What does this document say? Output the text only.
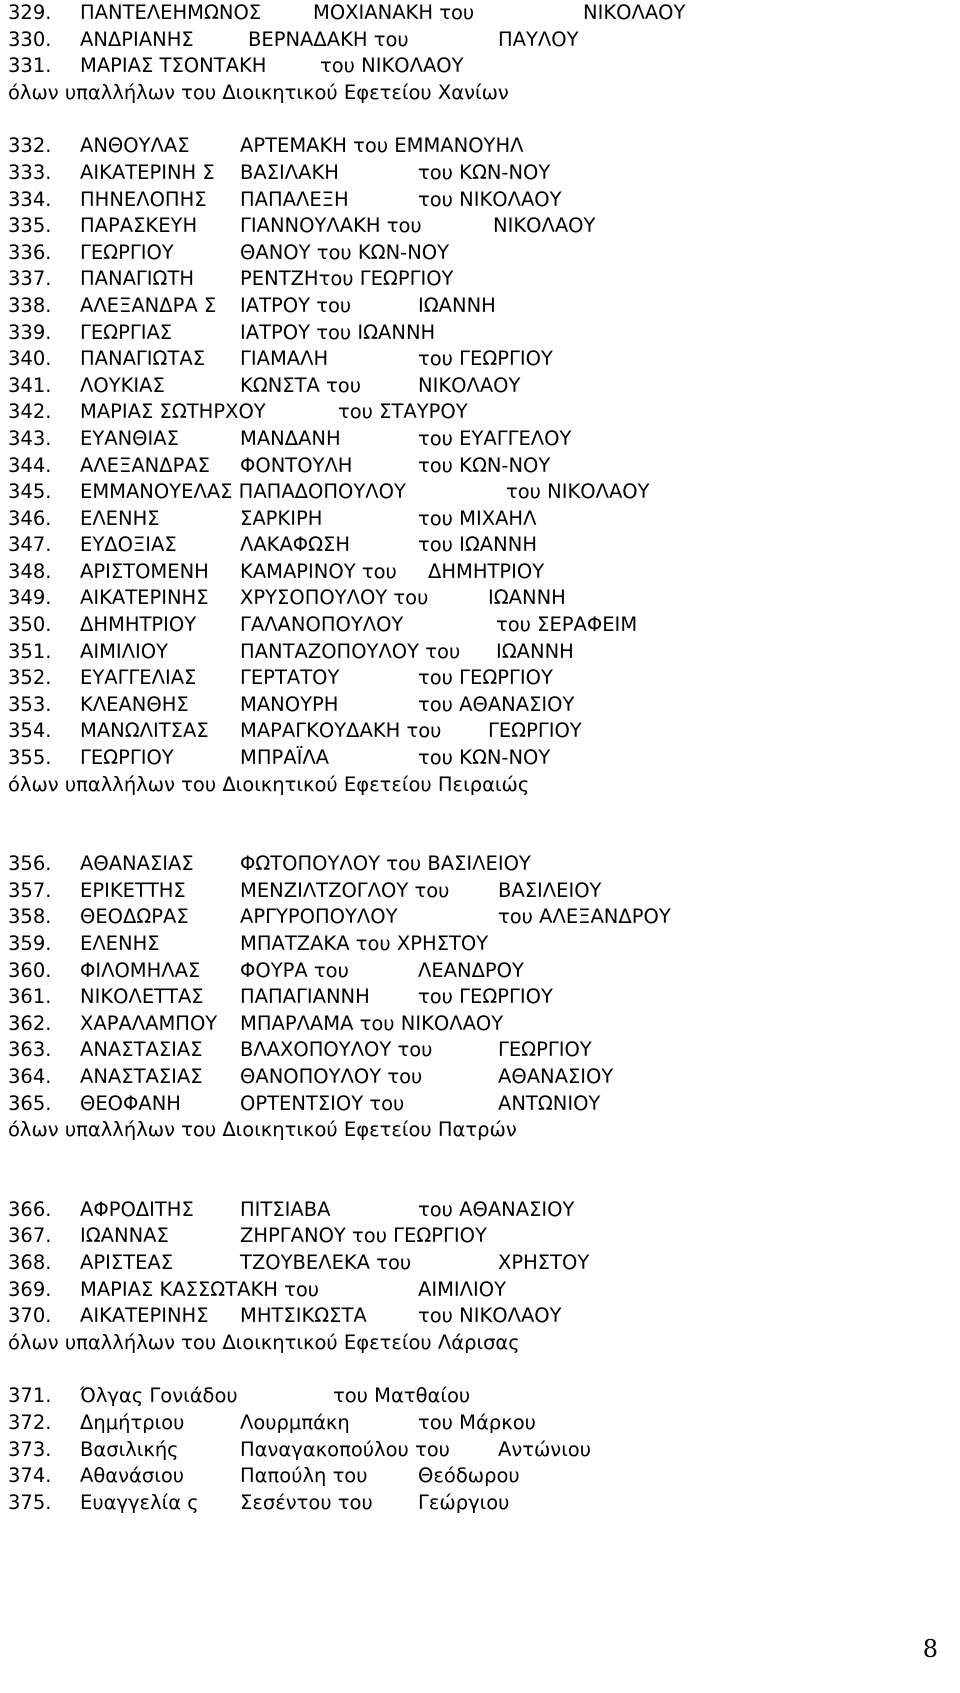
329. ΠΑΝΤΕΛΕΗΜΩΝΟΣ	ΜΟΧΙΑΝΑΚΗ του	ΝΙΚΟΛΑΟΥ
330. ΑΝΔΡΙΑΝΗΣ	ΒΕΡΝΑΔΑΚΗ του	ΠΑΥΛΟΥ
331. ΜΑΡΙΑΣ ΤΣΟΝΤΑΚΗ	του ΝΙΚΟΛΑΟΥ
όλων υπαλλήλων του Διοικητικού Εφετείου Χανίων
332. ΑΝΘΟΥΛΑΣ	ΑΡΤΕΜΑΚΗ του ΕΜΜΑΝΟΥΗΛ
333. ΑΙΚΑΤΕΡΙΝΗ Σ ΒΑΣΙΛΑΚΗ	του ΚΩΝ-ΝΟΥ
334. ΠΗΝΕΛΟΠΗΣ ΠΑΠΑΛΕΞΗ	του ΝΙΚΟΛΑΟΥ
335. ΠΑΡΑΣΚΕΥΗ ΓΙΑΝΝΟΥΛΑΚΗ του	ΝΙΚΟΛΑΟΥ
336. ΓΕΩΡΓΙΟΥ	ΘΑΝΟΥ του ΚΩΝ-ΝΟΥ
337. ΠΑΝΑΓΙΩΤΗ ΡΕΝΤΖΗτου ΓΕΩΡΓΙΟΥ
338. ΑΛΕΞΑΝΔΡΑ Σ ΙΑΤΡΟΥ του	ΙΩΑΝΝΗ
339. ΓΕΩΡΓΙΑΣ	ΙΑΤΡΟΥ του ΙΩΑΝΝΗ
340. ΠΑΝΑΓΙΩΤΑΣ ΓΙΑΜΑΛΗ	του ΓΕΩΡΓΙΟΥ
341. ΛΟΥΚΙΑΣ	ΚΩΝΣΤΑ του	ΝΙΚΟΛΑΟΥ
342. ΜΑΡΙΑΣ ΣΩΤΗΡΧΟΥ	του ΣΤΑΥΡΟΥ
343. ΕΥΑΝΘΙΑΣ	ΜΑΝΔΑΝΗ	του ΕΥΑΓΓΕΛΟΥ
344. ΑΛΕΞΑΝΔΡΑΣ ΦΟΝΤΟΥΛΗ	του ΚΩΝ-ΝΟΥ
345. ΕΜΜΑΝΟΥΕΛΑΣ ΠΑΠΑΔΟΠΟΥΛΟΥ	του ΝΙΚΟΛΑΟΥ
346. ΕΛΕΝΗΣ	ΣΑΡΚΙΡΗ	του ΜΙΧΑΗΛ
347. ΕΥΔΟΞΙΑΣ	ΛΑΚΑΦΩΣΗ	του ΙΩΑΝΝΗ
348. ΑΡΙΣΤΟΜΕΝΗ ΚΑΜΑΡΙΝΟΥ του ΔΗΜΗΤΡΙΟΥ
349. ΑΙΚΑΤΕΡΙΝΗΣ ΧΡΥΣΟΠΟΥΛΟΥ του	ΙΩΑΝΝΗ
350. ΔΗΜΗΤΡΙΟΥ ΓΑΛΑΝΟΠΟΥΛΟΥ	του ΣΕΡΑΦΕΙΜ
351. ΑΙΜΙΛΙΟΥ	ΠΑΝΤΑΖΟΠΟΥΛΟΥ του ΙΩΑΝΝΗ
352. ΕΥΑΓΓΕΛΙΑΣ ΓΕΡΤΑΤΟΥ	του ΓΕΩΡΓΙΟΥ
353. ΚΛΕΑΝΘΗΣ	ΜΑΝΟΥΡΗ	του ΑΘΑΝΑΣΙΟΥ
354. ΜΑΝΩΛΙΤΣΑΣ ΜΑΡΑΓΚΟΥΔΑΚΗ του ΓΕΩΡΓΙΟΥ
355. ΓΕΩΡΓΙΟΥ	ΜΠΡΑΪΛΑ	του ΚΩΝ-ΝΟΥ
όλων υπαλλήλων του Διοικητικού Εφετείου Πειραιώς
356. ΑΘΑΝΑΣΙΑΣ ΦΩΤΟΠΟΥΛΟΥ του ΒΑΣΙΛΕΙΟΥ
357. ΕΡΙΚΕΤΤΗΣ	ΜΕΝΖΙΛΤΖΟΓΛΟΥ του ΒΑΣΙΛΕΙΟΥ
358. ΘΕΟΔΩΡΑΣ	ΑΡΓΥΡΟΠΟΥΛΟΥ	του ΑΛΕΞΑΝΔΡΟΥ
359. ΕΛΕΝΗΣ	ΜΠΑΤΖΑΚΑ του ΧΡΗΣΤΟΥ
360. ΦΙΛΟΜΗΛΑΣ ΦΟΥΡΑ του	ΛΕΑΝΔΡΟΥ
361. ΝΙΚΟΛΕΤΤΑΣ ΠΑΠΑΓΙΑΝΝΗ του ΓΕΩΡΓΙΟΥ
362. ΧΑΡΑΛΑΜΠΟΥ ΜΠΑΡΛΑΜΑ του ΝΙΚΟΛΑΟΥ
363. ΑΝΑΣΤΑΣΙΑΣ ΒΛΑΧΟΠΟΥΛΟΥ του	ΓΕΩΡΓΙΟΥ
364. ΑΝΑΣΤΑΣΙΑΣ ΘΑΝΟΠΟΥΛΟΥ του	ΑΘΑΝΑΣΙΟΥ
365. ΘΕΟΦΑΝΗ	ΟΡΤΕΝΤΣΙΟΥ του	ΑΝΤΩΝΙΟΥ
όλων υπαλλήλων του Διοικητικού Εφετείου Πατρών
366. ΑΦΡΟΔΙΤΗΣ ΠΙΤΣΙΑΒΑ	του ΑΘΑΝΑΣΙΟΥ
367. ΙΩΑΝΝΑΣ	ΖΗΡΓΑΝΟΥ του ΓΕΩΡΓΙΟΥ
368. ΑΡΙΣΤΕΑΣ	ΤΖΟΥΒΕΛΕΚΑ του	ΧΡΗΣΤΟΥ
369. ΜΑΡΙΑΣ ΚΑΣΣΩΤΑΚΗ του	ΑΙΜΙΛΙΟΥ
370. ΑΙΚΑΤΕΡΙΝΗΣ ΜΗΤΣΙΚΩΣΤΑ	του ΝΙΚΟΛΑΟΥ
όλων υπαλλήλων του Διοικητικού Εφετείου Λάρισας
371. Όλγας Γονιάδου	του Ματθαίου
372. Δημήτριου	Λουρμπάκη	του Μάρκου
373. Βασιλικής	Παναγακοπούλου του Αντώνιου
374. Αθανάσιου	Παπούλη του	Θεόδωρου
375. Ευαγγελία ς Σεσέντου του Γεώργιου
8
